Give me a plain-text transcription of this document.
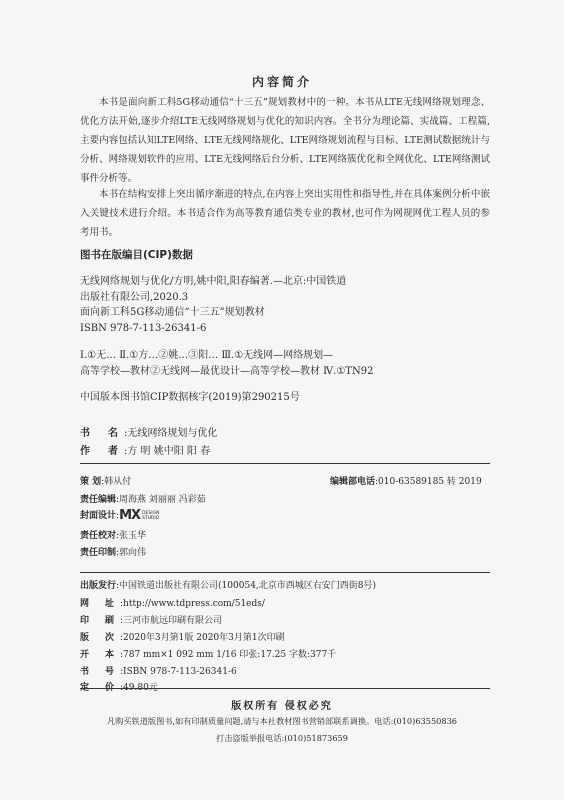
内容简介

本书是面向新工科5G移动通信“十三五”规划教材中的一种。本书从LTE无线网络规划理念、优化方法开始,逐步介绍LTE无线网络规划与优化的知识内容。全书分为理论篇、实战篇、工程篇,主要内容包括认知LTE网络、LTE无线网络规化、LTE网络规划流程与目标、LTE测试数据统计与分析、网络规划软件的应用、LTE无线网络后台分析、LTE网络簇优化和全网优化、LTE网络测试事件分析等。

本书在结构安排上突出循序渐进的特点,在内容上突出实用性和指导性,并在具体案例分析中嵌入关键技术进行介绍。本书适合作为高等教育通信类专业的教材,也可作为网规网优工程人员的参考用书。

图书在版编目(CIP)数据
无线网络规划与优化/方明,姚中阳,阳春编著.—北京:中国铁道
出版社有限公司,2020.3
面向新工科5G移动通信“十三五”规划教材
ISBN 978-7-113-26341-6
Ⅰ.①无… Ⅱ.①方…②姚…③阳… Ⅲ.①无线网—网络规划—
高等学校—教材②无线网—最优设计—高等学校—教材 Ⅳ.①TN92
中国版本图书馆CIP数据核字(2019)第290215号
书名:无线网络规划与优化
作者:方 明 姚中阳 阳 春
策 划:韩从付	编辑部电话:010-63589185 转 2019
责任编辑:周海燕 刘丽丽 冯彩茹
封面设计:MX DESIGN
STUDIO
责任校对:张玉华
责任印制:郭向伟
出版发行:中国铁道出版社有限公司(100054,北京市西城区右安门西街8号)
网址:http://www.tdpress.com/51eds/
印刷:三河市航远印刷有限公司
版次:2020年3月第1版 2020年3月第1次印刷
开本:787 mm×1 092 mm 1/16 印张:17.25 字数:377千
书号:ISBN 978-7-113-26341-6
定价:49.80元
版权所有 侵权必究
凡购买铁道版图书,如有印制质量问题,请与本社教材图书营销部联系调换。电话:(010)63550836
打击盗版举报电话:(010)51873659
